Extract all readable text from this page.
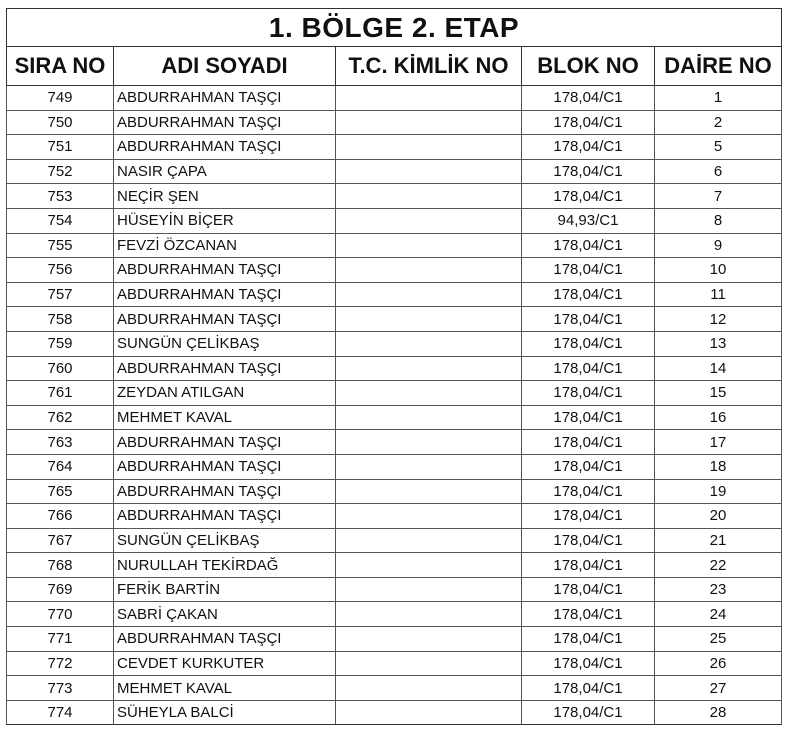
1. BÖLGE 2. ETAP				
SIRA NO	ADI SOYADI	T.C. KİMLİK NO	BLOK NO	DAİRE NO
749	ABDURRAHMAN TAŞÇI		178,04/C1	1
750	ABDURRAHMAN TAŞÇI		178,04/C1	2
751	ABDURRAHMAN TAŞÇI		178,04/C1	5
752	NASIR ÇAPA		178,04/C1	6
753	NEÇİR ŞEN		178,04/C1	7
754	HÜSEYİN BİÇER		94,93/C1	8
755	FEVZİ ÖZCANAN		178,04/C1	9
756	ABDURRAHMAN TAŞÇI		178,04/C1	10
757	ABDURRAHMAN TAŞÇI		178,04/C1	11
758	ABDURRAHMAN TAŞÇI		178,04/C1	12
759	SUNGÜN ÇELİKBAŞ		178,04/C1	13
760	ABDURRAHMAN TAŞÇI		178,04/C1	14
761	ZEYDAN ATILGAN		178,04/C1	15
762	MEHMET KAVAL		178,04/C1	16
763	ABDURRAHMAN TAŞÇI		178,04/C1	17
764	ABDURRAHMAN TAŞÇI		178,04/C1	18
765	ABDURRAHMAN TAŞÇI		178,04/C1	19
766	ABDURRAHMAN TAŞÇI		178,04/C1	20
767	SUNGÜN ÇELİKBAŞ		178,04/C1	21
768	NURULLAH TEKİRDAĞ		178,04/C1	22
769	FERİK BARTİN		178,04/C1	23
770	SABRİ ÇAKAN		178,04/C1	24
771	ABDURRAHMAN TAŞÇI		178,04/C1	25
772	CEVDET KURKUTER		178,04/C1	26
773	MEHMET KAVAL		178,04/C1	27
774	SÜHEYLA BALCİ		178,04/C1	28
